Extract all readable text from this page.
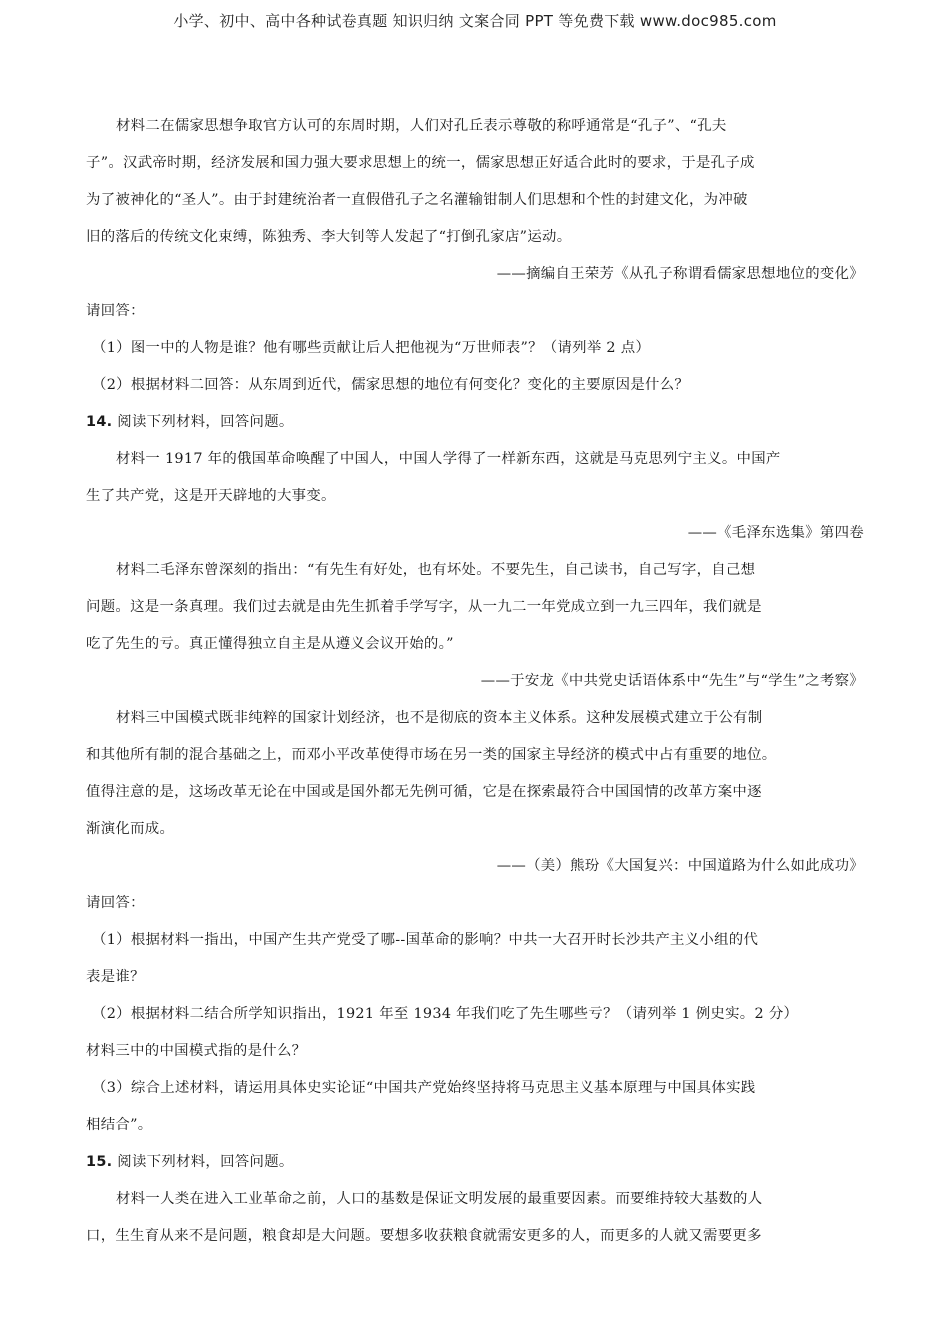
小学、初中、高中各种试卷真题 知识归纳 文案合同 PPT 等免费下载 www.doc985.com
材料二在儒家思想争取官方认可的东周时期，人们对孔丘表示尊敬的称呼通常是“孔子”、“孔夫
子”。汉武帝时期，经济发展和国力强大要求思想上的统一，儒家思想正好适合此时的要求，于是孔子成
为了被神化的“圣人”。由于封建统治者一直假借孔子之名灌输钳制人们思想和个性的封建文化，为冲破
旧的落后的传统文化束缚，陈独秀、李大钊等人发起了“打倒孔家店”运动。
——摘编自王荣芳《从孔子称谓看儒家思想地位的变化》
请回答：
（1）图一中的人物是谁？他有哪些贡献让后人把他视为“万世师表”？（请列举 2 点）
（2）根据材料二回答：从东周到近代，儒家思想的地位有何变化？变化的主要原因是什么？
14. 阅读下列材料，回答问题。
材料一 1917 年的俄国革命唤醒了中国人，中国人学得了一样新东西，这就是马克思列宁主义。中国产
生了共产党，这是开天辟地的大事变。
——《毛泽东选集》第四卷
材料二毛泽东曾深刻的指出：“有先生有好处，也有坏处。不要先生，自己读书，自己写字，自己想
问题。这是一条真理。我们过去就是由先生抓着手学写字，从一九二一年党成立到一九三四年，我们就是
吃了先生的亏。真正懂得独立自主是从遵义会议开始的。”
——于安龙《中共党史话语体系中“先生”与“学生”之考察》
材料三中国模式既非纯粹的国家计划经济，也不是彻底的资本主义体系。这种发展模式建立于公有制
和其他所有制的混合基础之上，而邓小平改革使得市场在另一类的国家主导经济的模式中占有重要的地位。
值得注意的是，这场改革无论在中国或是国外都无先例可循，它是在探索最符合中国国情的改革方案中逐
渐演化而成。
——（美）熊玢《大国复兴：中国道路为什么如此成功》
请回答：
（1）根据材料一指出，中国产生共产党受了哪--国革命的影响？中共一大召开时长沙共产主义小组的代
表是谁？
（2）根据材料二结合所学知识指出，1921 年至 1934 年我们吃了先生哪些亏？（请列举 1 例史实。2 分）
材料三中的中国模式指的是什么？
（3）综合上述材料，请运用具体史实论证“中国共产党始终坚持将马克思主义基本原理与中国具体实践
相结合”。
15. 阅读下列材料，回答问题。
材料一人类在进入工业革命之前，人口的基数是保证文明发展的最重要因素。而要维持较大基数的人
口，生生育从来不是问题，粮食却是大问题。要想多收获粮食就需安更多的人，而更多的人就又需要更多
